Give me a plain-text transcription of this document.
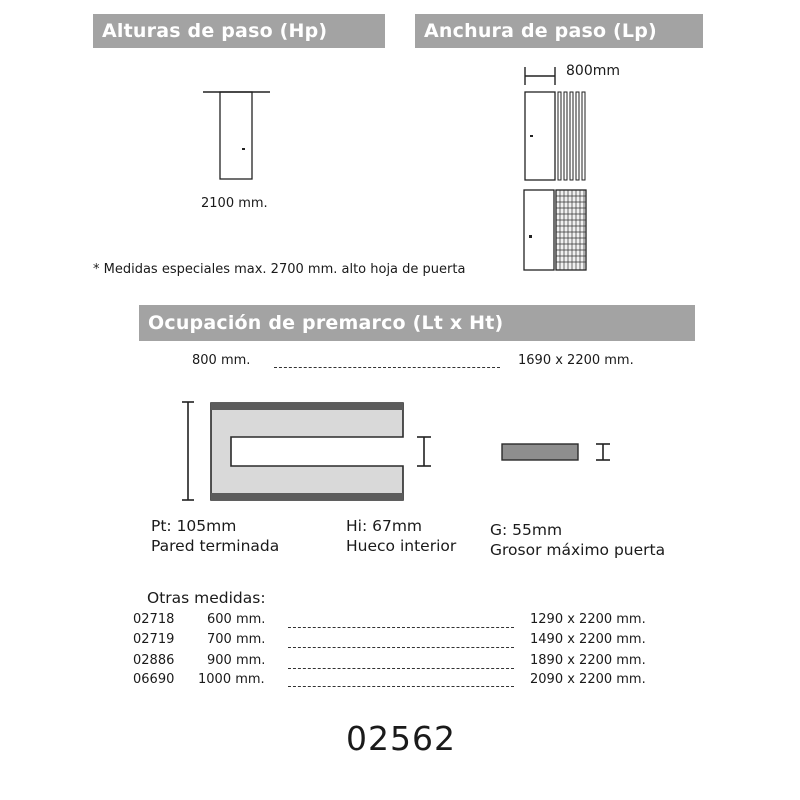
Alturas de paso (Hp)	Anchura de paso (Lp)
Ocupación de premarco (Lt x Ht)
2100 mm.
* Medidas especiales max. 2700 mm. alto hoja de puerta
800mm
800 mm.	1690 x 2200 mm.
Pt: 105mm
Pared terminada
Hi: 67mm
Hueco interior
G: 55mm
Grosor máximo puerta
Otras medidas:
02718	600 mm.	1290 x 2200 mm.
02719	700 mm.	1490 x 2200 mm.
02886	900 mm.	1890 x 2200 mm.
06690 1000 mm.	2090 x 2200 mm.
02562
